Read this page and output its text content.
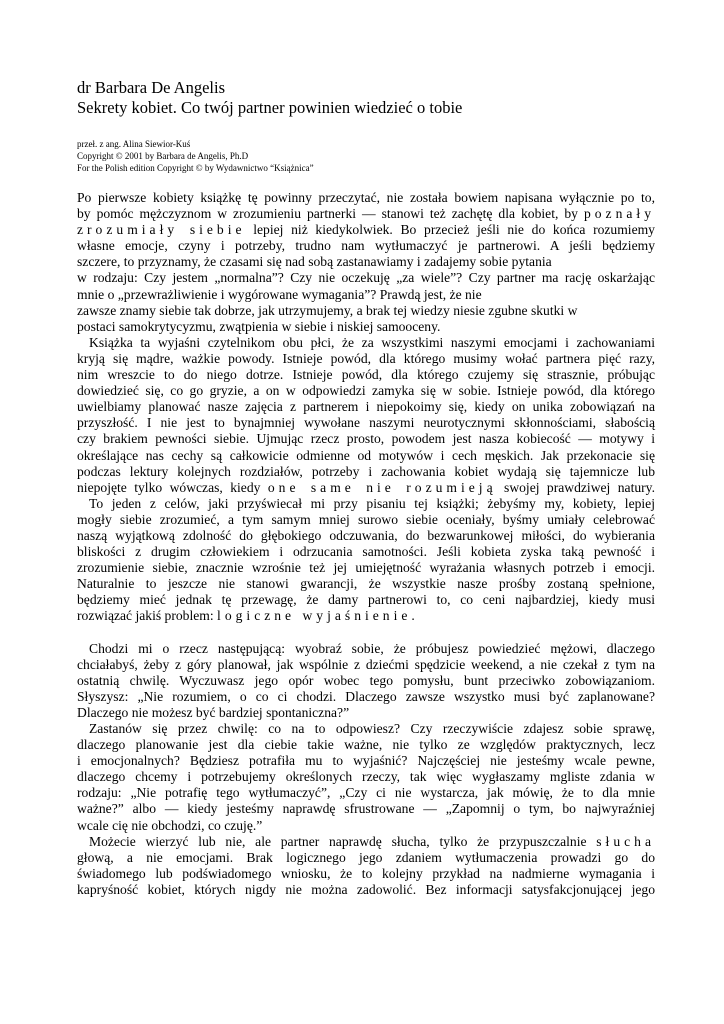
dr Barbara De Angelis
Sekrety kobiet. Co twój partner powinien wiedzieć o tobie
przeł. z ang. Alina Siewior-Kuś
Copyright © 2001 by Barbara de Angelis, Ph.D
For the Polish edition Copyright © by Wydawnictwo “Książnica”
Po pierwsze kobiety książkę tę powinny przeczytać, nie została bowiem napisana wyłącznie po to,
by pomóc mężczyznom w zrozumieniu partnerki — stanowi też zachętę dla kobiet, by poznały
zrozumiały siebie lepiej niż kiedykolwiek. Bo przecież jeśli nie do końca rozumiemy
własne emocje, czyny i potrzeby, trudno nam wytłumaczyć je partnerowi. A jeśli będziemy
szczere, to przyznamy, że czasami się nad sobą zastanawiamy i zadajemy sobie pytania
w rodzaju: Czy jestem „normalna”? Czy nie oczekuję „za wiele”? Czy partner ma rację oskarżając
mnie o „przewrażliwienie i wygórowane wymagania”? Prawdą jest, że nie
zawsze znamy siebie tak dobrze, jak utrzymujemy, a brak tej wiedzy niesie zgubne skutki w
postaci samokrytycyzmu, zwątpienia w siebie i niskiej samooceny.
Książka ta wyjaśni czytelnikom obu płci, że za wszystkimi naszymi emocjami i zachowaniami
kryją się mądre, ważkie powody. Istnieje powód, dla którego musimy wołać partnera pięć razy,
nim wreszcie to do niego dotrze. Istnieje powód, dla którego czujemy się strasznie, próbując
dowiedzieć się, co go gryzie, a on w odpowiedzi zamyka się w sobie. Istnieje powód, dla którego
uwielbiamy planować nasze zajęcia z partnerem i niepokoimy się, kiedy on unika zobowiązań na
przyszłość. I nie jest to bynajmniej wywołane naszymi neurotycznymi skłonnościami, słabością
czy brakiem pewności siebie. Ujmując rzecz prosto, powodem jest nasza kobiecość — motywy i
określające nas cechy są całkowicie odmienne od motywów i cech męskich. Jak przekonacie się
podczas lektury kolejnych rozdziałów, potrzeby i zachowania kobiet wydają się tajemnicze lub
niepojęte tylko wówczas, kiedy one same nie rozumieją swojej prawdziwej natury.
To jeden z celów, jaki przyświecał mi przy pisaniu tej książki; żebyśmy my, kobiety, lepiej
mogły siebie zrozumieć, a tym samym mniej surowo siebie oceniały, byśmy umiały celebrować
naszą wyjątkową zdolność do głębokiego odczuwania, do bezwarunkowej miłości, do wybierania
bliskości z drugim człowiekiem i odrzucania samotności. Jeśli kobieta zyska taką pewność i
zrozumienie siebie, znacznie wzrośnie też jej umiejętność wyrażania własnych potrzeb i emocji.
Naturalnie to jeszcze nie stanowi gwarancji, że wszystkie nasze prośby zostaną spełnione,
będziemy mieć jednak tę przewagę, że damy partnerowi to, co ceni najbardziej, kiedy musi
rozwiązać jakiś problem: logiczne wyjaśnienie.
Chodzi mi o rzecz następującą: wyobraź sobie, że próbujesz powiedzieć mężowi, dlaczego
chciałabyś, żeby z góry planował, jak wspólnie z dziećmi spędzicie weekend, a nie czekał z tym na
ostatnią chwilę. Wyczuwasz jego opór wobec tego pomysłu, bunt przeciwko zobowiązaniom.
Słyszysz: „Nie rozumiem, o co ci chodzi. Dlaczego zawsze wszystko musi być zaplanowane?
Dlaczego nie możesz być bardziej spontaniczna?”
Zastanów się przez chwilę: co na to odpowiesz? Czy rzeczywiście zdajesz sobie sprawę,
dlaczego planowanie jest dla ciebie takie ważne, nie tylko ze względów praktycznych, lecz
i emocjonalnych? Będziesz potrafiła mu to wyjaśnić? Najczęściej nie jesteśmy wcale pewne,
dlaczego chcemy i potrzebujemy określonych rzeczy, tak więc wygłaszamy mgliste zdania w
rodzaju: „Nie potrafię tego wytłumaczyć”, „Czy ci nie wystarcza, jak mówię, że to dla mnie
ważne?” albo — kiedy jesteśmy naprawdę sfrustrowane — „Zapomnij o tym, bo najwyraźniej
wcale cię nie obchodzi, co czuję.”
Możecie wierzyć lub nie, ale partner naprawdę słucha, tylko że przypuszczalnie słucha
głową, a nie emocjami. Brak logicznego jego zdaniem wytłumaczenia prowadzi go do
świadomego lub podświadomego wniosku, że to kolejny przykład na nadmierne wymagania i
kapryśność kobiet, których nigdy nie można zadowolić. Bez informacji satysfakcjonującej jego
